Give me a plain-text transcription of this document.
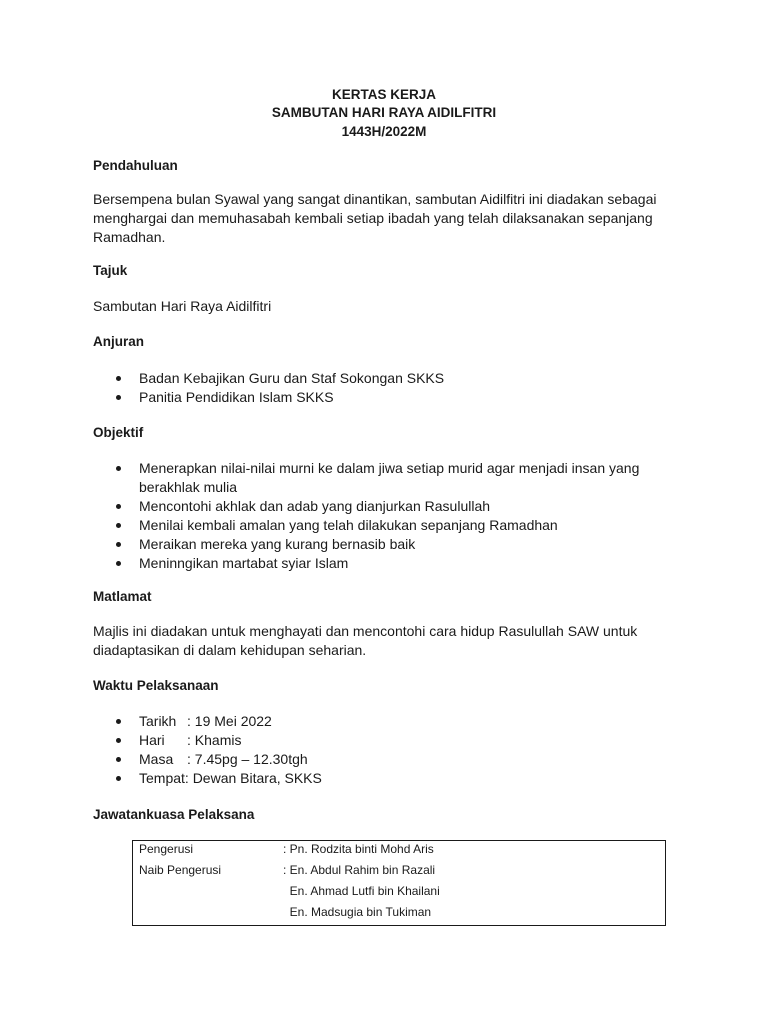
KERTAS KERJA
SAMBUTAN HARI RAYA AIDILFITRI
1443H/2022M
Pendahuluan
Bersempena bulan Syawal yang sangat dinantikan, sambutan Aidilfitri ini diadakan sebagai
menghargai dan memuhasabah kembali setiap ibadah yang telah dilaksanakan sepanjang
Ramadhan.
Tajuk
Sambutan Hari Raya Aidilfitri
Anjuran
Badan Kebajikan Guru dan Staf Sokongan SKKS
Panitia Pendidikan Islam SKKS
Objektif
Menerapkan nilai-nilai murni ke dalam jiwa setiap murid agar menjadi insan yang
berakhlak mulia
Mencontohi akhlak dan adab yang dianjurkan Rasulullah
Menilai kembali amalan yang telah dilakukan sepanjang Ramadhan
Meraikan mereka yang kurang bernasib baik
Meninngikan martabat syiar Islam
Matlamat
Majlis ini diadakan untuk menghayati dan mencontohi cara hidup Rasulullah SAW untuk
diadaptasikan di dalam kehidupan seharian.
Waktu Pelaksanaan
Tarikh : 19 Mei 2022
Hari : Khamis
Masa : 7.45pg – 12.30tgh
Tempat: Dewan Bitara, SKKS
Jawatankuasa Pelaksana
Pengerusi	: Pn. Rodzita binti Mohd Aris
Naib Pengerusi	: En. Abdul Rahim bin Razali
En. Ahmad Lutfi bin Khailani
En. Madsugia bin Tukiman
